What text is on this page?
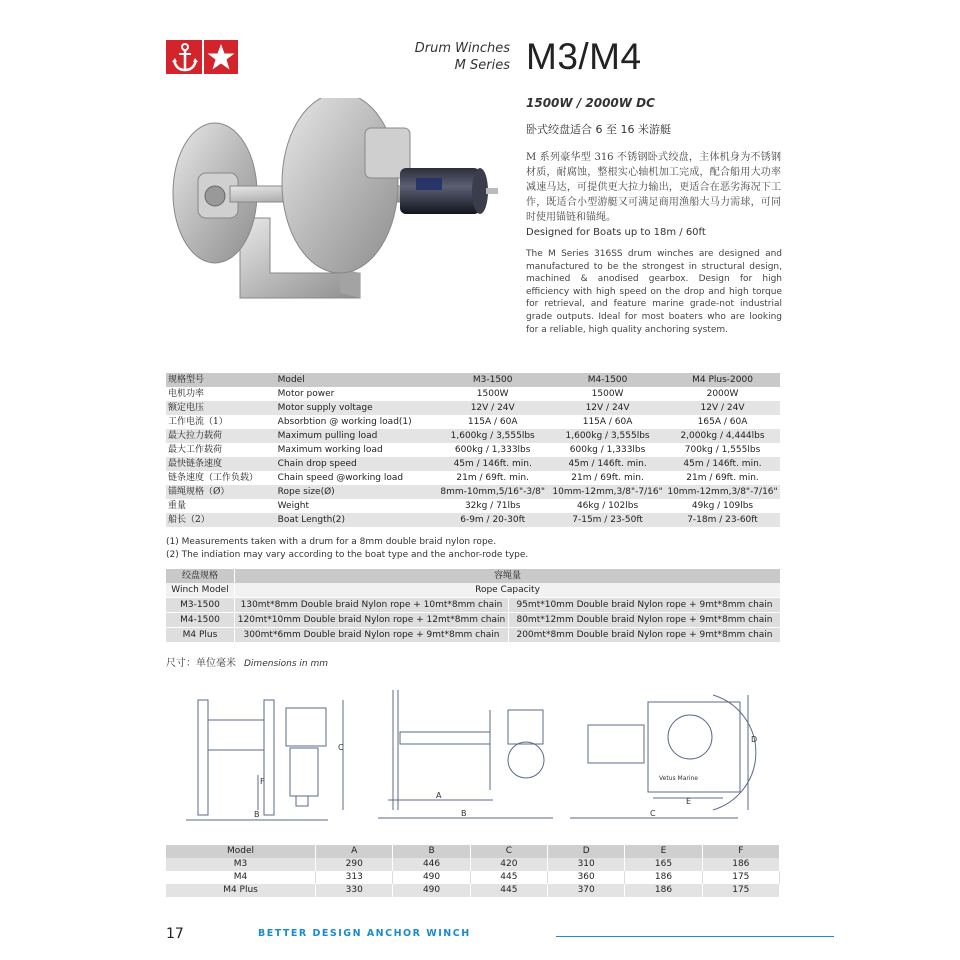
Drum Winches
M Series M3/M4
1500W / 2000W DC
卧式绞盘适合 6 至 16 米游艇
M 系列豪华型 316 不锈钢卧式绞盘，主体机身为不锈钢材质，耐腐蚀，整根实心轴机加工完成，配合船用大功率减速马达，可提供更大拉力输出，更适合在恶劣海况下工作，既适合小型游艇又可满足商用渔船大马力需球，可同时使用锚链和锚绳。
Designed for Boats up to 18m / 60ft
The M Series 316SS drum winches are designed and manufactured to be the strongest in structural design, machined & anodised gearbox. Design for high efficiency with high speed on the drop and high torque for retrieval, and feature marine grade-not industrial grade outputs. Ideal for most boaters who are looking for a reliable, high quality anchoring system.
规格型号	Model	M3-1500	M4-1500	M4 Plus-2000
电机功率	Motor power	1500W	1500W	2000W
额定电压	Motor supply voltage	12V / 24V	12V / 24V	12V / 24V
工作电流（1）	Absorbtion @ working load(1)	115A / 60A	115A / 60A	165A / 60A
最大拉力载荷	Maximum pulling load	1,600kg / 3,555lbs	1,600kg / 3,555lbs	2,000kg / 4,444lbs
最大工作载荷	Maximum working load	600kg / 1,333lbs	600kg / 1,333lbs	700kg / 1,555lbs
最快链条速度	Chain drop speed	45m / 146ft. min.	45m / 146ft. min.	45m / 146ft. min.
链条速度（工作负载）	Chain speed @working load	21m / 69ft. min.	21m / 69ft. min.	21m / 69ft. min.
锚绳规格（Ø）	Rope size(Ø)	8mm-10mm,5/16"-3/8"	10mm-12mm,3/8"-7/16"	10mm-12mm,3/8"-7/16"
重量	Weight	32kg / 71lbs	46kg / 102lbs	49kg / 109lbs
船长（2）	Boat Length(2)	6-9m / 20-30ft	7-15m / 23-50ft	7-18m / 23-60ft
(1) Measurements taken with a drum for a 8mm double braid nylon rope.
(2) The indiation may vary according to the boat type and the anchor-rode type.
绞盘规格	容绳量	
Winch Model	Rope Capacity	
M3-1500	130mt*8mm Double braid Nylon rope + 10mt*8mm chain	95mt*10mm Double braid Nylon rope + 9mt*8mm chain
M4-1500	120mt*10mm Double braid Nylon rope + 12mt*8mm chain	80mt*12mm Double braid Nylon rope + 9mt*8mm chain
M4 Plus	300mt*6mm Double braid Nylon rope + 9mt*8mm chain	200mt*8mm Double braid Nylon rope + 9mt*8mm chain
尺寸：单位毫米 Dimensions in mm
B
C
F
A
B
Vetus Marine
E
C
D
Model	A	B	C	D	E	F
M3	290	446	420	310	165	186
M4	313	490	445	360	186	175
M4 Plus	330	490	445	370	186	175
17	BETTER DESIGN ANCHOR WINCH
